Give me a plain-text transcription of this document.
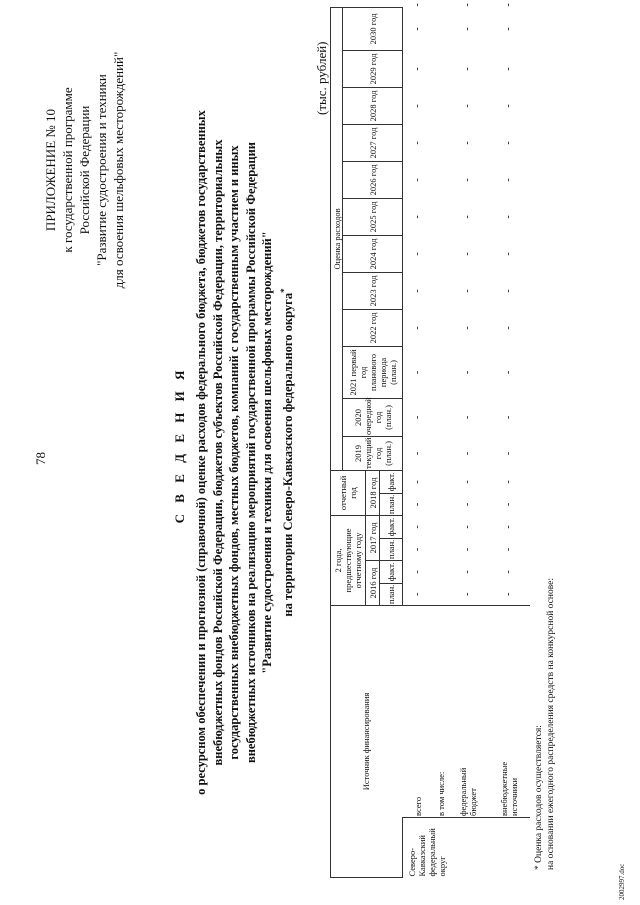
78
ПРИЛОЖЕНИЕ № 10 к государственной программе Российской Федерации "Развитие судостроения и техники для освоения шельфовых месторождений"
С В Е Д Е Н И Я о ресурсном обеспечении и прогнозной (справочной) оценке расходов федерального бюджета, бюджетов государственных внебюджетных фондов Российской Федерации, бюджетов субъектов Российской Федерации, территориальных государственных внебюджетных фондов, местных бюджетов, компаний с государственным участием и иных внебюджетных источников на реализацию мероприятий государственной программы Российской Федерации "Развитие судостроения и техники для освоения шельфовых месторождений" на территории Северо-Кавказского федерального округа*
(тыс. рублей)
Источник финансирования			2 года, предшествующие отчетному году				отчетный год		Оценка расходов												
									2019 текущий год (план.)	2020 очередной год (план.)	2021 первый год планового периода (план.)	2022 год	2023 год	2024 год	2025 год	2026 год	2027 год	2028 год	2029 год	2030 год	
			2016 год		2017 год		2018 год														
			план.	факт.	план.	факт.	план.	факт.													
Северо-Кавказский федеральный округ	всего		-	-	-	-	-	-	-	-	-	-	-	-	-	-	-	-	-	-	-
	в том числе:																				
	федеральный бюджет		-	-	-	-	-	-	-	-	-	-	-	-	-	-	-	-	-	-	-
	внебюджетные источники		-	-	-	-	-	-	-	-	-	-	-	-	-	-	-	-	-	-	-
* Оценка расходов осуществляется: на основании ежегодного распределения средств на конкурсной основе:
2002997.doc
